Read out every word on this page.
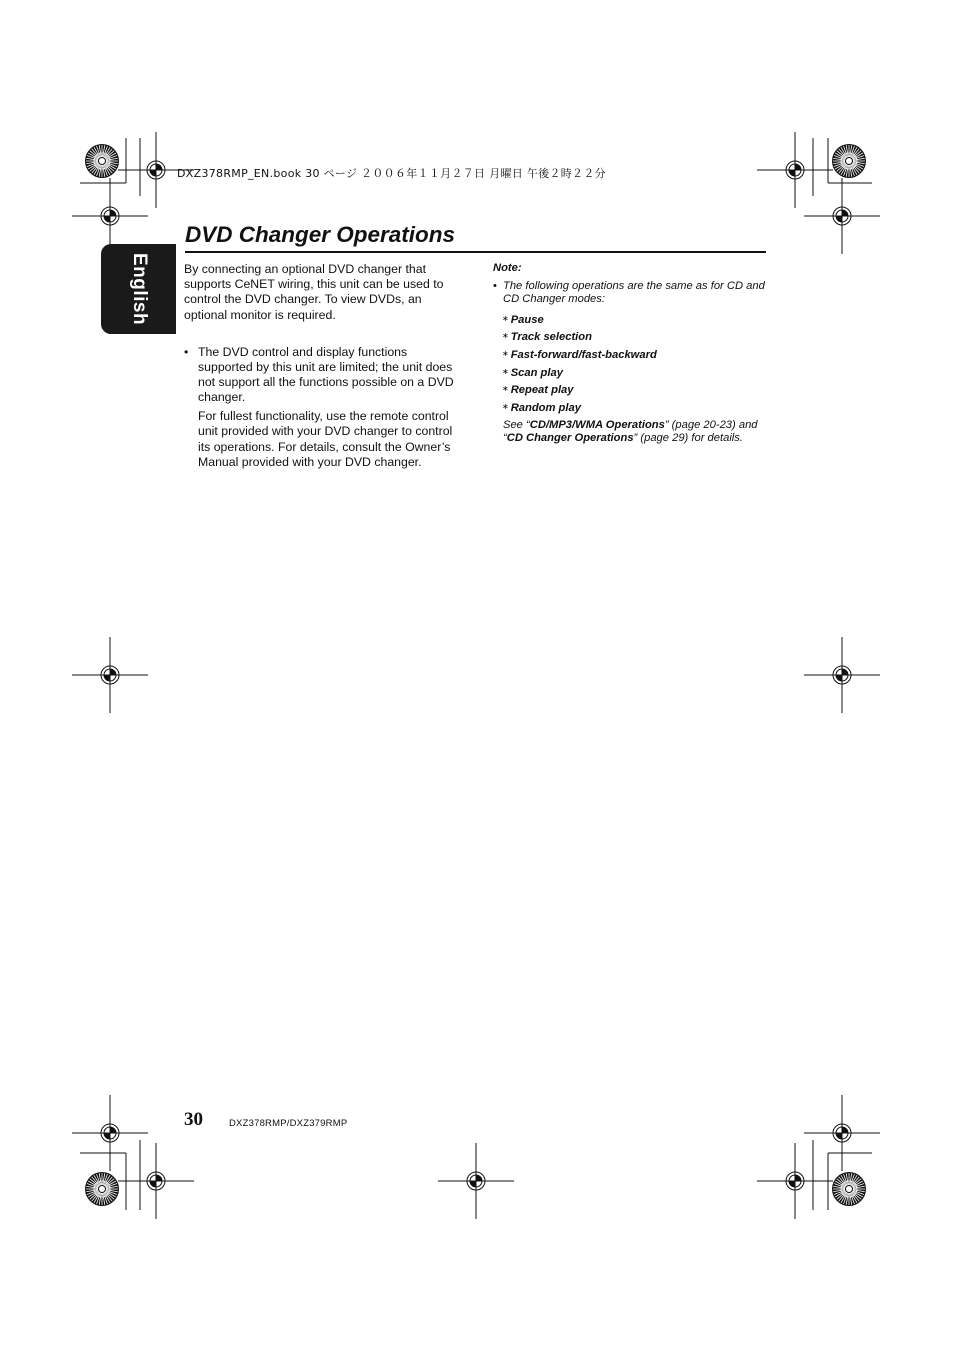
DXZ378RMP_EN.book 30 ページ ２００６年１１月２７日 月曜日 午後２時２２分
English
DVD Changer Operations

By connecting an optional DVD changer that supports CeNET wiring, this unit can be used to control the DVD changer. To view DVDs, an optional monitor is required.

• The DVD control and display functions supported by this unit are limited; the unit does not support all the functions possible on a DVD changer.

For fullest functionality, use the remote control unit provided with your DVD changer to control its operations. For details, consult the Owner’s Manual provided with your DVD changer.

Note:

• The following operations are the same as for CD and CD Changer modes:

∗ Pause
∗ Track selection
∗ Fast-forward/fast-backward
∗ Scan play
∗ Repeat play
∗ Random play

See “CD/MP3/WMA Operations” (page 20-23) and “CD Changer Operations” (page 29) for details.

30	DXZ378RMP/DXZ379RMP
